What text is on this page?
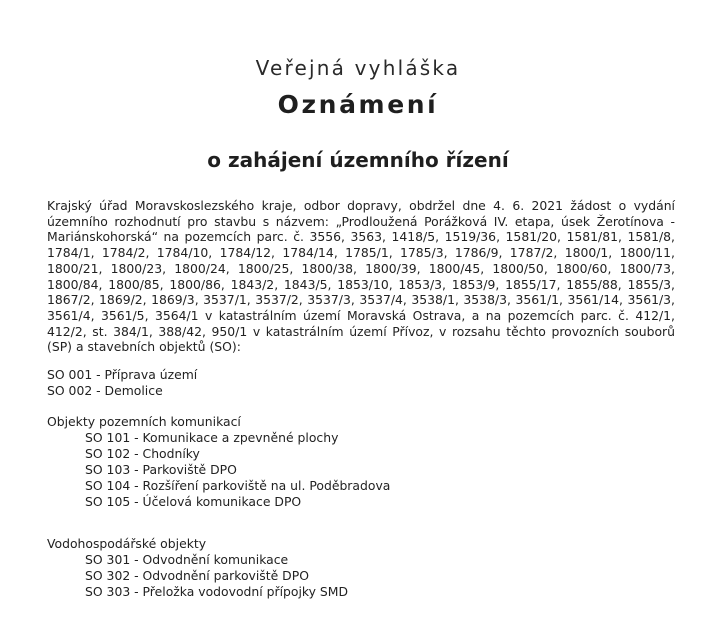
Veřejná vyhláška
Oznámení
o zahájení územního řízení

Krajský úřad Moravskoslezského kraje, odbor dopravy, obdržel dne 4. 6. 2021 žádost o vydání územního rozhodnutí pro stavbu s názvem: „Prodloužená Porážková IV. etapa, úsek Žerotínova - Mariánskohorská“ na pozemcích parc. č. 3556, 3563, 1418/5, 1519/36, 1581/20, 1581/81, 1581/8, 1784/1, 1784/2, 1784/10, 1784/12, 1784/14, 1785/1, 1785/3, 1786/9, 1787/2, 1800/1, 1800/11, 1800/21, 1800/23, 1800/24, 1800/25, 1800/38, 1800/39, 1800/45, 1800/50, 1800/60, 1800/73, 1800/84, 1800/85, 1800/86, 1843/2, 1843/5, 1853/10, 1853/3, 1853/9, 1855/17, 1855/88, 1855/3, 1867/2, 1869/2, 1869/3, 3537/1, 3537/2, 3537/3, 3537/4, 3538/1, 3538/3, 3561/1, 3561/14, 3561/3, 3561/4, 3561/5, 3564/1 v katastrálním území Moravská Ostrava, a na pozemcích parc. č. 412/1, 412/2, st. 384/1, 388/42, 950/1 v katastrálním území Přívoz, v rozsahu těchto provozních souborů (SP) a stavebních objektů (SO):

SO 001 - Příprava území
SO 002 - Demolice
Objekty pozemních komunikací
SO 101 - Komunikace a zpevněné plochy
SO 102 - Chodníky
SO 103 - Parkoviště DPO
SO 104 - Rozšíření parkoviště na ul. Poděbradova
SO 105 - Účelová komunikace DPO
Vodohospodářské objekty
SO 301 - Odvodnění komunikace
SO 302 - Odvodnění parkoviště DPO
SO 303 - Přeložka vodovodní přípojky SMD
